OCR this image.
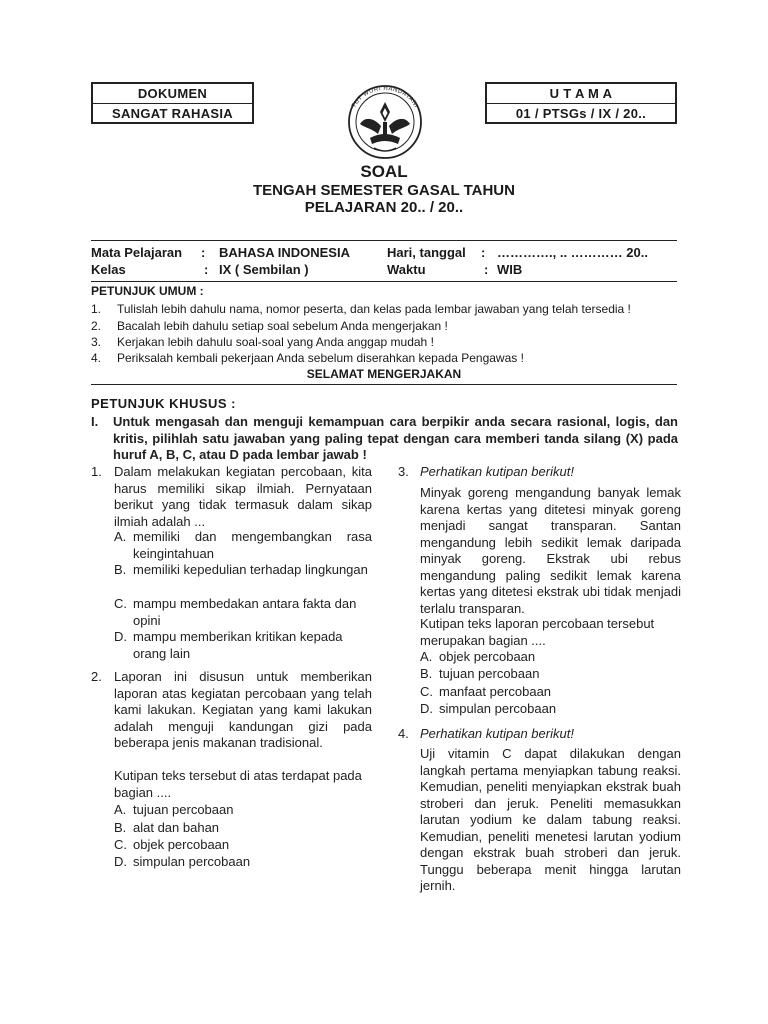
DOKUMEN
SANGAT RAHASIA
TUT WURI HANDAYANI
U T A M A
01 / PTSGs / IX / 20..
SOAL
TENGAH SEMESTER GASAL TAHUN
PELAJARAN 20.. / 20..
Mata Pelajaran : BAHASA INDONESIA	Hari, tanggal : …………., .. ………… 20..
Kelas	: IX ( Sembilan )	Waktu	: WIB
PETUNJUK UMUM :
1. Tulislah lebih dahulu nama, nomor peserta, dan kelas pada lembar jawaban yang telah tersedia !
2. Bacalah lebih dahulu setiap soal sebelum Anda mengerjakan !
3. Kerjakan lebih dahulu soal-soal yang Anda anggap mudah !
4. Periksalah kembali pekerjaan Anda sebelum diserahkan kepada Pengawas !
SELAMAT MENGERJAKAN
PETUNJUK KHUSUS :
I.	Untuk mengasah dan menguji kemampuan cara berpikir anda secara rasional, logis, dan kritis, pilihlah satu jawaban yang paling tepat dengan cara memberi tanda silang (X) pada huruf A, B, C, atau D pada lembar jawab !
1. Dalam melakukan kegiatan percobaan, kita harus memiliki sikap ilmiah. Pernyataan berikut yang tidak termasuk dalam sikap ilmiah adalah ...
A. memiliki dan mengembangkan rasa keingintahuan
B. memiliki kepedulian terhadap lingkungan
C. mampu membedakan antara fakta dan opini
D. mampu memberikan kritikan kepada orang lain
2. Laporan ini disusun untuk memberikan laporan atas kegiatan percobaan yang telah kami lakukan. Kegiatan yang kami lakukan adalah menguji kandungan gizi pada beberapa jenis makanan tradisional.
Kutipan teks tersebut di atas terdapat pada bagian ....
A. tujuan percobaan
B. alat dan bahan
C. objek percobaan
D. simpulan percobaan
3. Perhatikan kutipan berikut!
Minyak goreng mengandung banyak lemak karena kertas yang ditetesi minyak goreng menjadi sangat transparan. Santan mengandung lebih sedikit lemak daripada minyak goreng. Ekstrak ubi rebus mengandung paling sedikit lemak karena kertas yang ditetesi ekstrak ubi tidak menjadi terlalu transparan.
Kutipan teks laporan percobaan tersebut merupakan bagian ....
A. objek percobaan
B. tujuan percobaan
C. manfaat percobaan
D. simpulan percobaan
4. Perhatikan kutipan berikut!
Uji vitamin C dapat dilakukan dengan langkah pertama menyiapkan tabung reaksi. Kemudian, peneliti menyiapkan ekstrak buah stroberi dan jeruk. Peneliti memasukkan larutan yodium ke dalam tabung reaksi. Kemudian, peneliti menetesi larutan yodium dengan ekstrak buah stroberi dan jeruk. Tunggu beberapa menit hingga larutan jernih.
